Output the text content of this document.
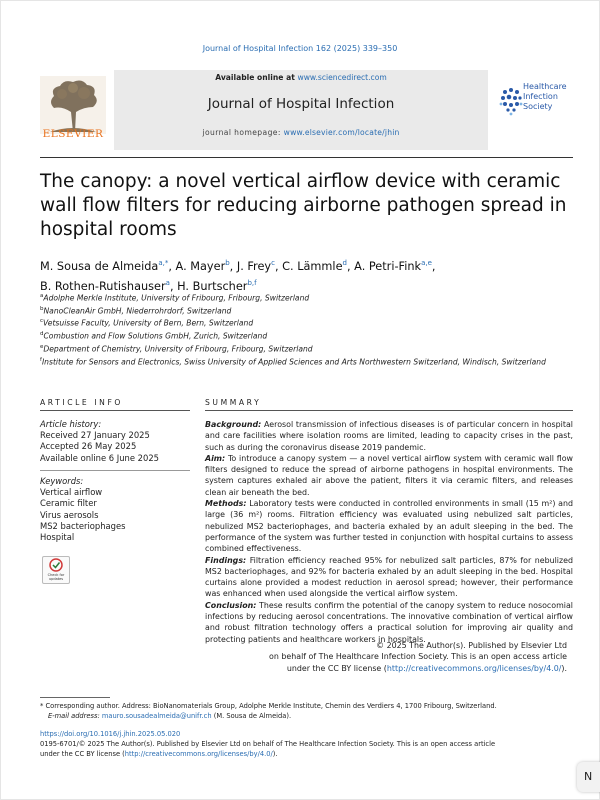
Journal of Hospital Infection 162 (2025) 339–350
ELSEVIER
Available online at www.sciencedirect.com
Journal of Hospital Infection
journal homepage: www.elsevier.com/locate/jhin
Healthcare
Infection
Society
The canopy: a novel vertical airflow device with ceramic wall flow filters for reducing airborne pathogen spread in hospital rooms
M. Sousa de Almeida$^{a,*}$, A. Mayer$^b$, J. Frey$^c$, C. Lämmle$^d$, A. Petri-Fink$^{a,e}$,
B. Rothen-Rutishauser$^a$, H. Burtscher$^{b,f}$
$^a$Adolphe Merkle Institute, University of Fribourg, Fribourg, Switzerland
$^b$NanoCleanAir GmbH, Niederrohrdorf, Switzerland
$^c$Vetsuisse Faculty, University of Bern, Bern, Switzerland
$^d$Combustion and Flow Solutions GmbH, Zurich, Switzerland
$^e$Department of Chemistry, University of Fribourg, Fribourg, Switzerland
$^f$Institute for Sensors and Electronics, Swiss University of Applied Sciences and Arts Northwestern Switzerland, Windisch, Switzerland
ARTICLE INFO	SUMMARY
Article history:
Received 27 January 2025
Accepted 26 May 2025
Available online 6 June 2025
Keywords:
Vertical airflow
Ceramic filter
Virus aerosols
MS2 bacteriophages
Hospital
Check for updates

Background: Aerosol transmission of infectious diseases is of particular concern in hospital and care facilities where isolation rooms are limited, leading to capacity crises in the past, such as during the coronavirus disease 2019 pandemic.

Aim: To introduce a canopy system — a novel vertical airflow system with ceramic wall flow filters designed to reduce the spread of airborne pathogens in hospital environments. The system captures exhaled air above the patient, filters it via ceramic filters, and releases clean air beneath the bed.

Methods: Laboratory tests were conducted in controlled environments in small (15 m²) and large (36 m²) rooms. Filtration efficiency was evaluated using nebulized salt particles, nebulized MS2 bacteriophages, and bacteria exhaled by an adult sleeping in the bed. The performance of the system was further tested in conjunction with hospital curtains to assess combined effectiveness.

Findings: Filtration efficiency reached 95% for nebulized salt particles, 87% for nebulized MS2 bacteriophages, and 92% for bacteria exhaled by an adult sleeping in the bed. Hospital curtains alone provided a modest reduction in aerosol spread; however, their performance was enhanced when used alongside the vertical airflow system.

Conclusion: These results confirm the potential of the canopy system to reduce nosocomial infections by reducing aerosol concentrations. The innovative combination of vertical airflow and robust filtration technology offers a practical solution for improving air quality and protecting patients and healthcare workers in hospitals.

© 2025 The Author(s). Published by Elsevier Ltd
on behalf of The Healthcare Infection Society. This is an open access article
under the CC BY license (http://creativecommons.org/licenses/by/4.0/).
* Corresponding author. Address: BioNanomaterials Group, Adolphe Merkle Institute, Chemin des Verdiers 4, 1700 Fribourg, Switzerland.
E-mail address: mauro.sousadealmeida@unifr.ch (M. Sousa de Almeida).
https://doi.org/10.1016/j.jhin.2025.05.020
0195-6701/© 2025 The Author(s). Published by Elsevier Ltd on behalf of The Healthcare Infection Society. This is an open access article
under the CC BY license (http://creativecommons.org/licenses/by/4.0/).
N
